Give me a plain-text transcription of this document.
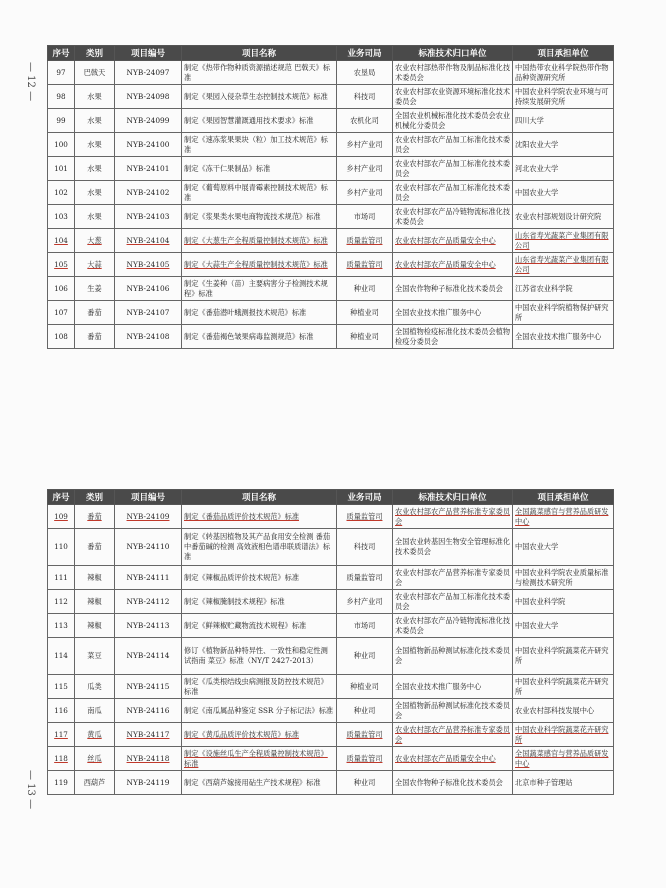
— 12 —
— 13 —
序号	类别	项目编号	项目名称	业务司局	标准技术归口单位	项目承担单位
97	巴戟天	NYB-24097	制定《热带作物种质资源描述规范 巴戟天》标准	农垦局	农业农村部热带作物及制品标准化技术委员会	中国热带农业科学院热带作物品种资源研究所
98	水果	NYB-24098	制定《果园入侵杂草生态控制技术规范》标准	科技司	农业农村部农业资源环境标准化技术委员会	中国农业科学院农业环境与可持续发展研究所
99	水果	NYB-24099	制定《果园智慧灌溉通用技术要求》标准	农机化司	全国农业机械标准化技术委员会农业机械化分委员会	四川大学
100	水果	NYB-24100	制定《速冻浆果果块（粒）加工技术规范》标准	乡村产业司	农业农村部农产品加工标准化技术委员会	沈阳农业大学
101	水果	NYB-24101	制定《冻干仁果制品》标准	乡村产业司	农业农村部农产品加工标准化技术委员会	河北农业大学
102	水果	NYB-24102	制定《葡萄原料中展青霉素控制技术规范》标准	乡村产业司	农业农村部农产品加工标准化技术委员会	中国农业大学
103	水果	NYB-24103	制定《浆果类水果电商物流技术规范》标准	市场司	农业农村部农产品冷链物流标准化技术委员会	农业农村部规划设计研究院
104	大葱	NYB-24104	制定《大葱生产全程质量控制技术规范》标准	质量监管司	农业农村部农产品质量安全中心	山东省寿光蔬菜产业集团有限公司
105	大蒜	NYB-24105	制定《大蒜生产全程质量控制技术规范》标准	质量监管司	农业农村部农产品质量安全中心	山东省寿光蔬菜产业集团有限公司
106	生姜	NYB-24106	制定《生姜种（苗）主要病害分子检测技术规程》标准	种业司	全国农作物种子标准化技术委员会	江苏省农业科学院
107	番茄	NYB-24107	制定《番茄潜叶蛾测报技术规范》标准	种植业司	全国农业技术推广服务中心	中国农业科学院植物保护研究所
108	番茄	NYB-24108	制定《番茄褐色皱果病毒监测规范》标准	种植业司	全国植物检疫标准化技术委员会植物检疫分委员会	全国农业技术推广服务中心
序号	类别	项目编号	项目名称	业务司局	标准技术归口单位	项目承担单位
109	番茄	NYB-24109	制定《番茄品质评价技术规范》标准	质量监管司	农业农村部农产品营养标准专家委员会	全国蔬菜感官与营养品质研发中心
110	番茄	NYB-24110	制定《转基因植物及其产品食用安全检测 番茄中番茄碱的检测 高效液相色谱串联质谱法》标准	科技司	全国农业转基因生物安全管理标准化技术委员会	中国农业大学
111	辣椒	NYB-24111	制定《辣椒品质评价技术规范》标准	质量监管司	农业农村部农产品营养标准专家委员会	中国农业科学院农业质量标准与检测技术研究所
112	辣椒	NYB-24112	制定《辣椒腌制技术规程》标准	乡村产业司	农业农村部农产品加工标准化技术委员会	中国农业科学院
113	辣椒	NYB-24113	制定《鲜辣椒贮藏物流技术规程》标准	市场司	农业农村部农产品冷链物流标准化技术委员会	中国农业大学
114	菜豆	NYB-24114	修订《植物新品种特异性、一致性和稳定性测试指南 菜豆》标准（NY/T 2427-2013）	种业司	全国植物新品种测试标准化技术委员会	中国农业科学院蔬菜花卉研究所
115	瓜类	NYB-24115	制定《瓜类根结线虫病测报及防控技术规范》标准	种植业司	全国农业技术推广服务中心	中国农业科学院蔬菜花卉研究所
116	南瓜	NYB-24116	制定《南瓜属品种鉴定 SSR 分子标记法》标准	种业司	全国植物新品种测试标准化技术委员会	农业农村部科技发展中心
117	黄瓜	NYB-24117	制定《黄瓜品质评价技术规范》标准	质量监管司	农业农村部农产品营养标准专家委员会	中国农业科学院蔬菜花卉研究所
118	丝瓜	NYB-24118	制定《设施丝瓜生产全程质量控制技术规范》标准	质量监管司	农业农村部农产品质量安全中心	全国蔬菜感官与营养品质研发中心
119	西葫芦	NYB-24119	制定《西葫芦嫁接用砧生产技术规程》标准	种业司	全国农作物种子标准化技术委员会	北京市种子管理站
